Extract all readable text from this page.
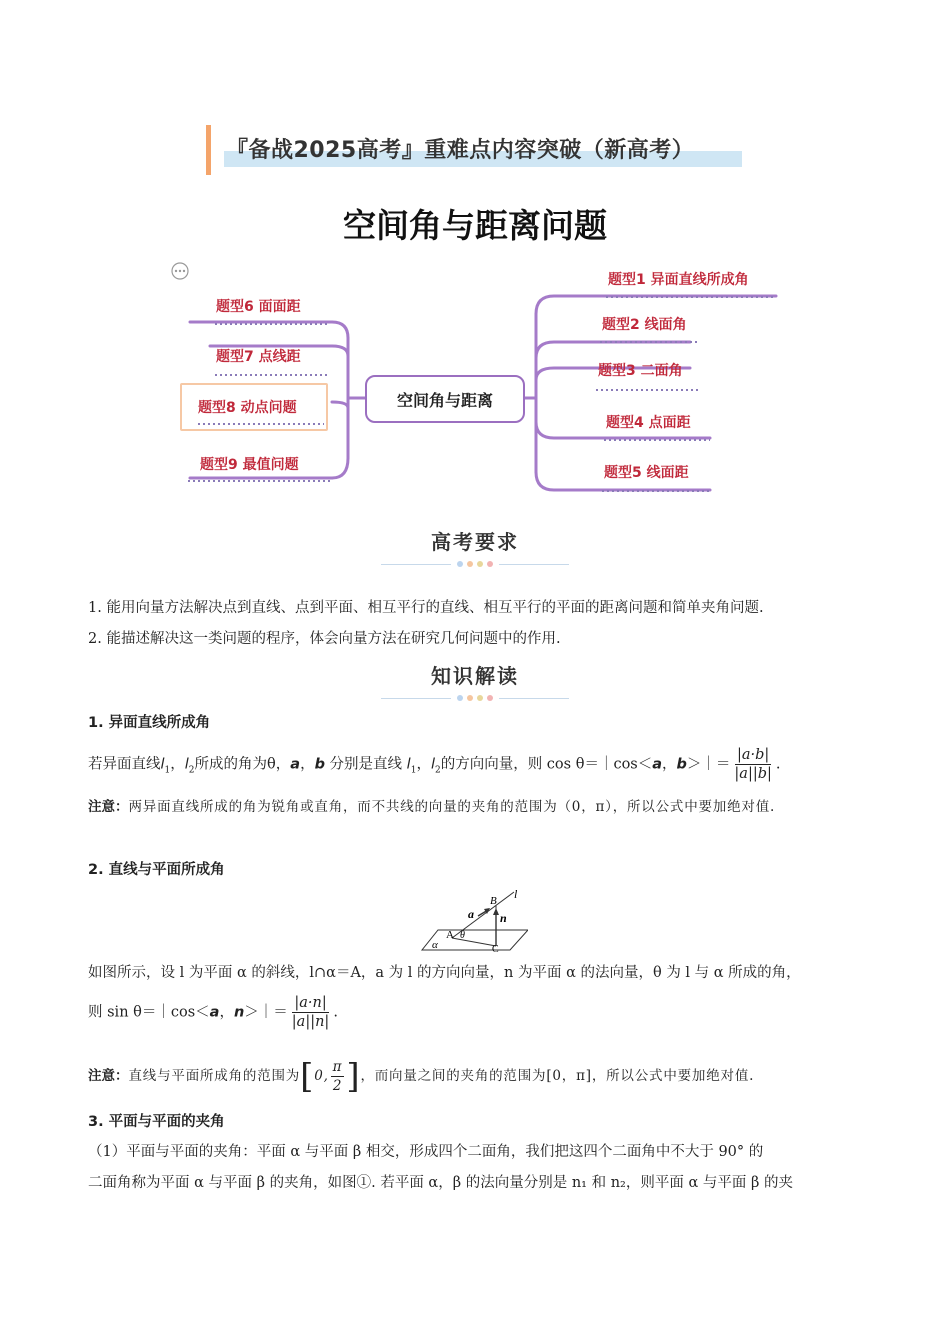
『备战2025高考』重难点内容突破（新高考）
空间角与距离问题
空间角与距离
题型6 面面距
题型7 点线距
题型8 动点问题
题型9 最值问题
题型1 异面直线所成角
题型2 线面角
题型3 二面角
题型4 点面距
题型5 线面距
高考要求
1. 能用向量方法解决点到直线、点到平面、相互平行的直线、相互平行的平面的距离问题和简单夹角问题.
2. 能描述解决这一类问题的程序，体会向量方法在研究几何问题中的作用.
知识解读
1. 异面直线所成角
若异面直线$l_1$，$l_2$所成的角为θ，a，b 分别是直线 $l_1$，$l_2$的方向向量，则 cos θ＝｜cos＜a，b＞｜＝ $\frac{|a\cdot b|}{|a||b|}$ .
注意：两异面直线所成的角为锐角或直角，而不共线的向量的夹角的范围为（0，π），所以公式中要加绝对值.
2. 直线与平面所成角
B l
a n
A θ
α	C
如图所示，设 l 为平面 α 的斜线，l∩α＝A，a 为 l 的方向向量，n 为平面 α 的法向量，θ 为 l 与 α 所成的角，
则 sin θ＝｜cos＜a，n＞｜＝ $\frac{|a\cdot n|}{|a||n|}$ .
注意：直线与平面所成角的范围为[0, $\frac{\pi}{2}$ ]，而向量之间的夹角的范围为[0，π]，所以公式中要加绝对值.
3. 平面与平面的夹角
（1）平面与平面的夹角：平面 α 与平面 β 相交，形成四个二面角，我们把这四个二面角中不大于 90° 的
二面角称为平面 α 与平面 β 的夹角，如图①. 若平面 α，β 的法向量分别是 n₁ 和 n₂，则平面 α 与平面 β 的夹
